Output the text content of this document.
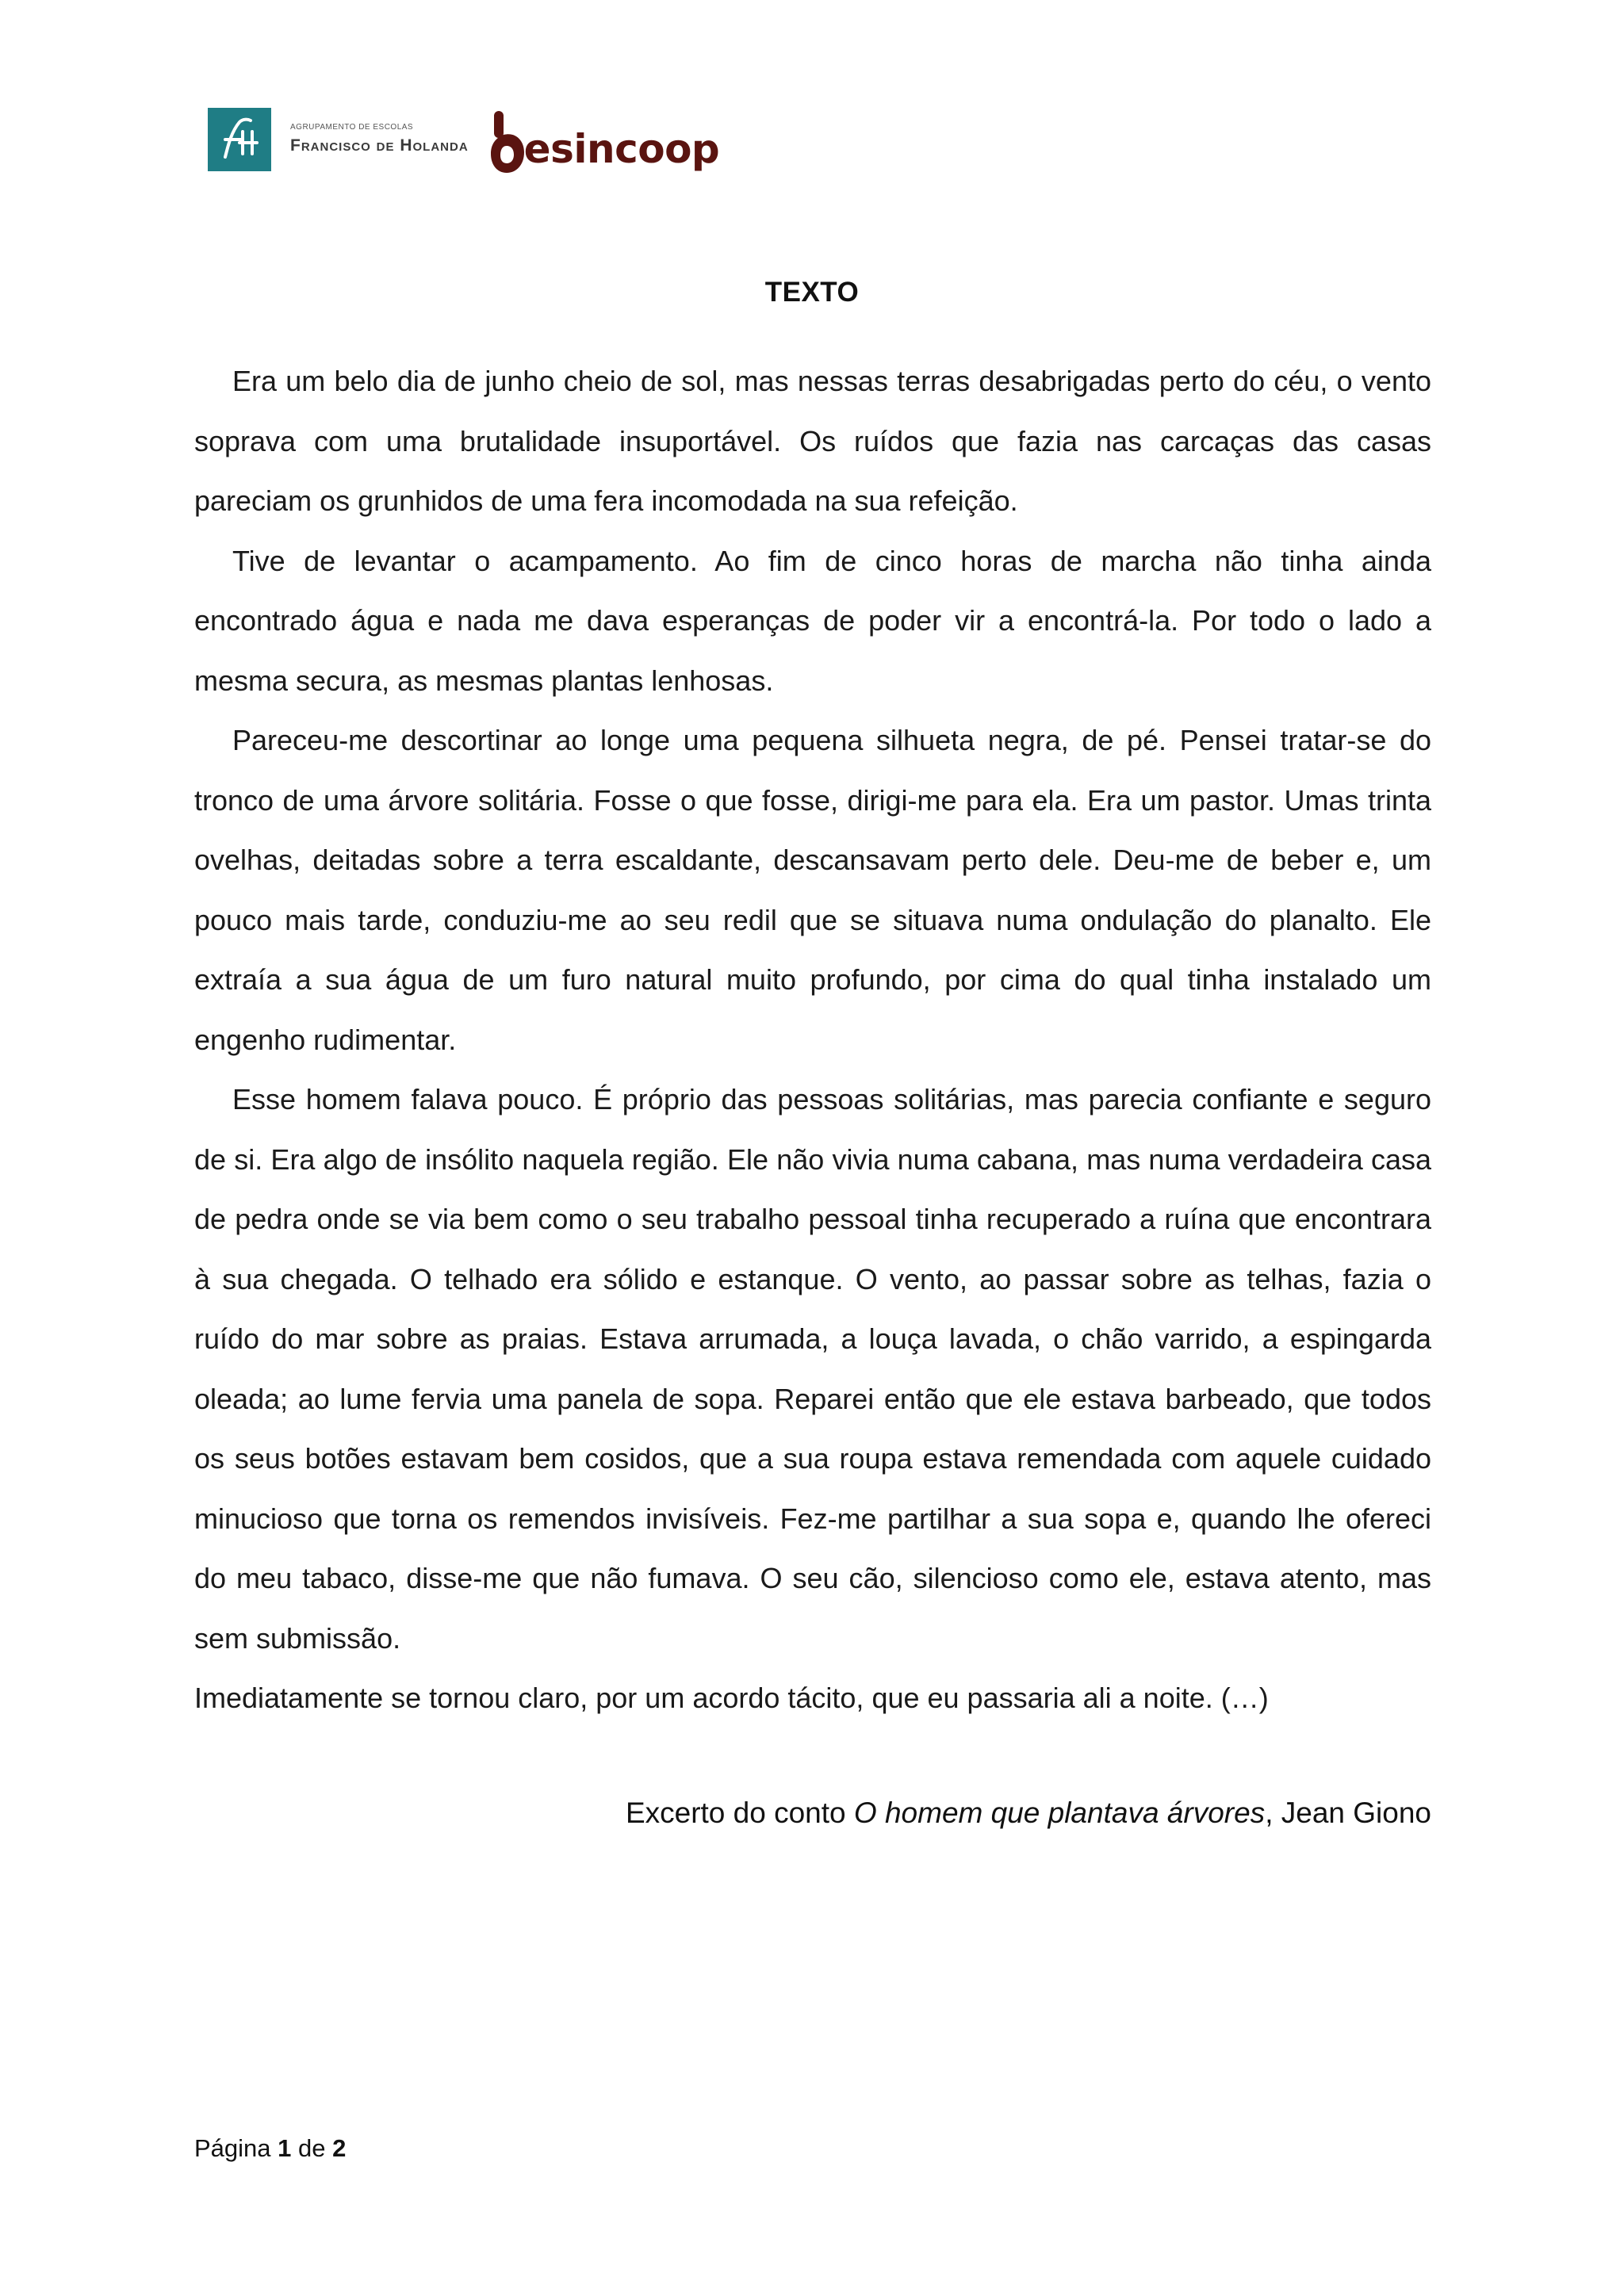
AGRUPAMENTO DE ESCOLAS
Francisco de Holanda esincoop
TEXTO

Era um belo dia de junho cheio de sol, mas nessas terras desabrigadas perto do céu, o vento soprava com uma brutalidade insuportável. Os ruídos que fazia nas carcaças das casas pareciam os grunhidos de uma fera incomodada na sua refeição.

Tive de levantar o acampamento. Ao fim de cinco horas de marcha não tinha ainda encontrado água e nada me dava esperanças de poder vir a encontrá-la. Por todo o lado a mesma secura, as mesmas plantas lenhosas.

Pareceu-me descortinar ao longe uma pequena silhueta negra, de pé. Pensei tratar-se do tronco de uma árvore solitária. Fosse o que fosse, dirigi-me para ela. Era um pastor. Umas trinta ovelhas, deitadas sobre a terra escaldante, descansavam perto dele. Deu-me de beber e, um pouco mais tarde, conduziu-me ao seu redil que se situava numa ondulação do planalto. Ele extraía a sua água de um furo natural muito profundo, por cima do qual tinha instalado um engenho rudimentar.

Esse homem falava pouco. É próprio das pessoas solitárias, mas parecia confiante e seguro de si. Era algo de insólito naquela região. Ele não vivia numa cabana, mas numa verdadeira casa de pedra onde se via bem como o seu trabalho pessoal tinha recuperado a ruína que encontrara à sua chegada. O telhado era sólido e estanque. O vento, ao passar sobre as telhas, fazia o ruído do mar sobre as praias. Estava arrumada, a louça lavada, o chão varrido, a espingarda oleada; ao lume fervia uma panela de sopa. Reparei então que ele estava barbeado, que todos os seus botões estavam bem cosidos, que a sua roupa estava remendada com aquele cuidado minucioso que torna os remendos invisíveis. Fez-me partilhar a sua sopa e, quando lhe ofereci do meu tabaco, disse-me que não fumava. O seu cão, silencioso como ele, estava atento, mas sem submissão.

Imediatamente se tornou claro, por um acordo tácito, que eu passaria ali a noite. (…)

Excerto do conto O homem que plantava árvores, Jean Giono
Página 1 de 2
